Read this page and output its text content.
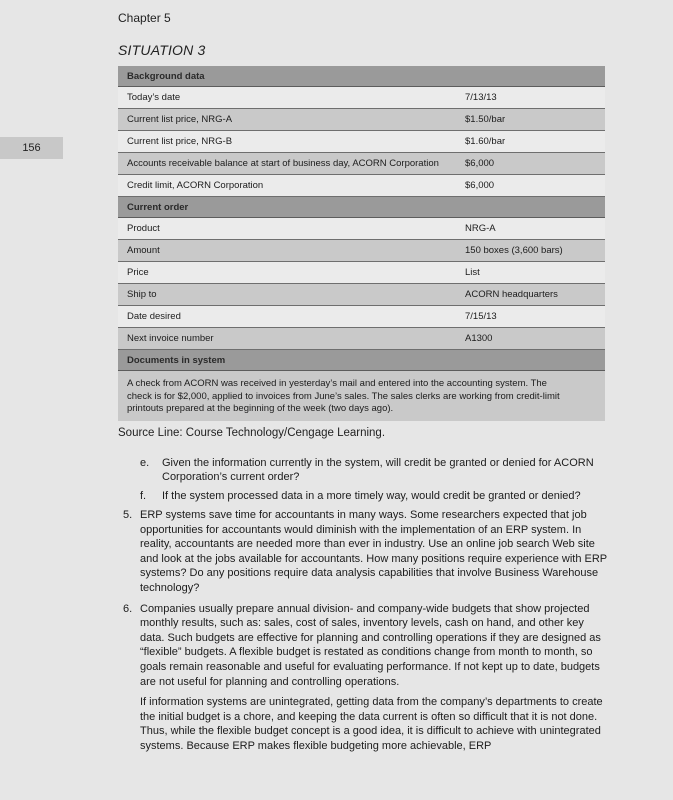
156
Chapter 5
SITUATION 3
Background data	
Today’s date	7/13/13
Current list price, NRG-A	$1.50/bar
Current list price, NRG-B	$1.60/bar
Accounts receivable balance at start of business day, ACORN Corporation	$6,000
Credit limit, ACORN Corporation	$6,000
Current order	
Product	NRG-A
Amount	150 boxes (3,600 bars)
Price	List
Ship to	ACORN headquarters
Date desired	7/15/13
Next invoice number	A1300
Documents in system	
A check from ACORN was received in yesterday’s mail and entered into the accounting system. The check is for $2,000, applied to invoices from June’s sales. The sales clerks are working from credit-limit printouts prepared at the beginning of the week (two days ago).	
Source Line: Course Technology/Cengage Learning.
e. Given the information currently in the system, will credit be granted or denied for ACORN Corporation’s current order?
f. If the system processed data in a more timely way, would credit be granted or denied?
5. ERP systems save time for accountants in many ways. Some researchers expected that job opportunities for accountants would diminish with the implementation of an ERP system. In reality, accountants are needed more than ever in industry. Use an online job search Web site and look at the jobs available for accountants. How many positions require experience with ERP systems? Do any positions require data analysis capabilities that involve Business Warehouse technology?
6. Companies usually prepare annual division- and company-wide budgets that show projected monthly results, such as: sales, cost of sales, inventory levels, cash on hand, and other key data. Such budgets are effective for planning and controlling operations if they are designed as “flexible” budgets. A flexible budget is restated as conditions change from month to month, so goals remain reasonable and useful for evaluating performance. If not kept up to date, budgets are not useful for planning and controlling operations.
If information systems are unintegrated, getting data from the company’s departments to create the initial budget is a chore, and keeping the data current is often so difficult that it is not done. Thus, while the flexible budget concept is a good idea, it is difficult to achieve with unintegrated systems. Because ERP makes flexible budgeting more achievable, ERP
